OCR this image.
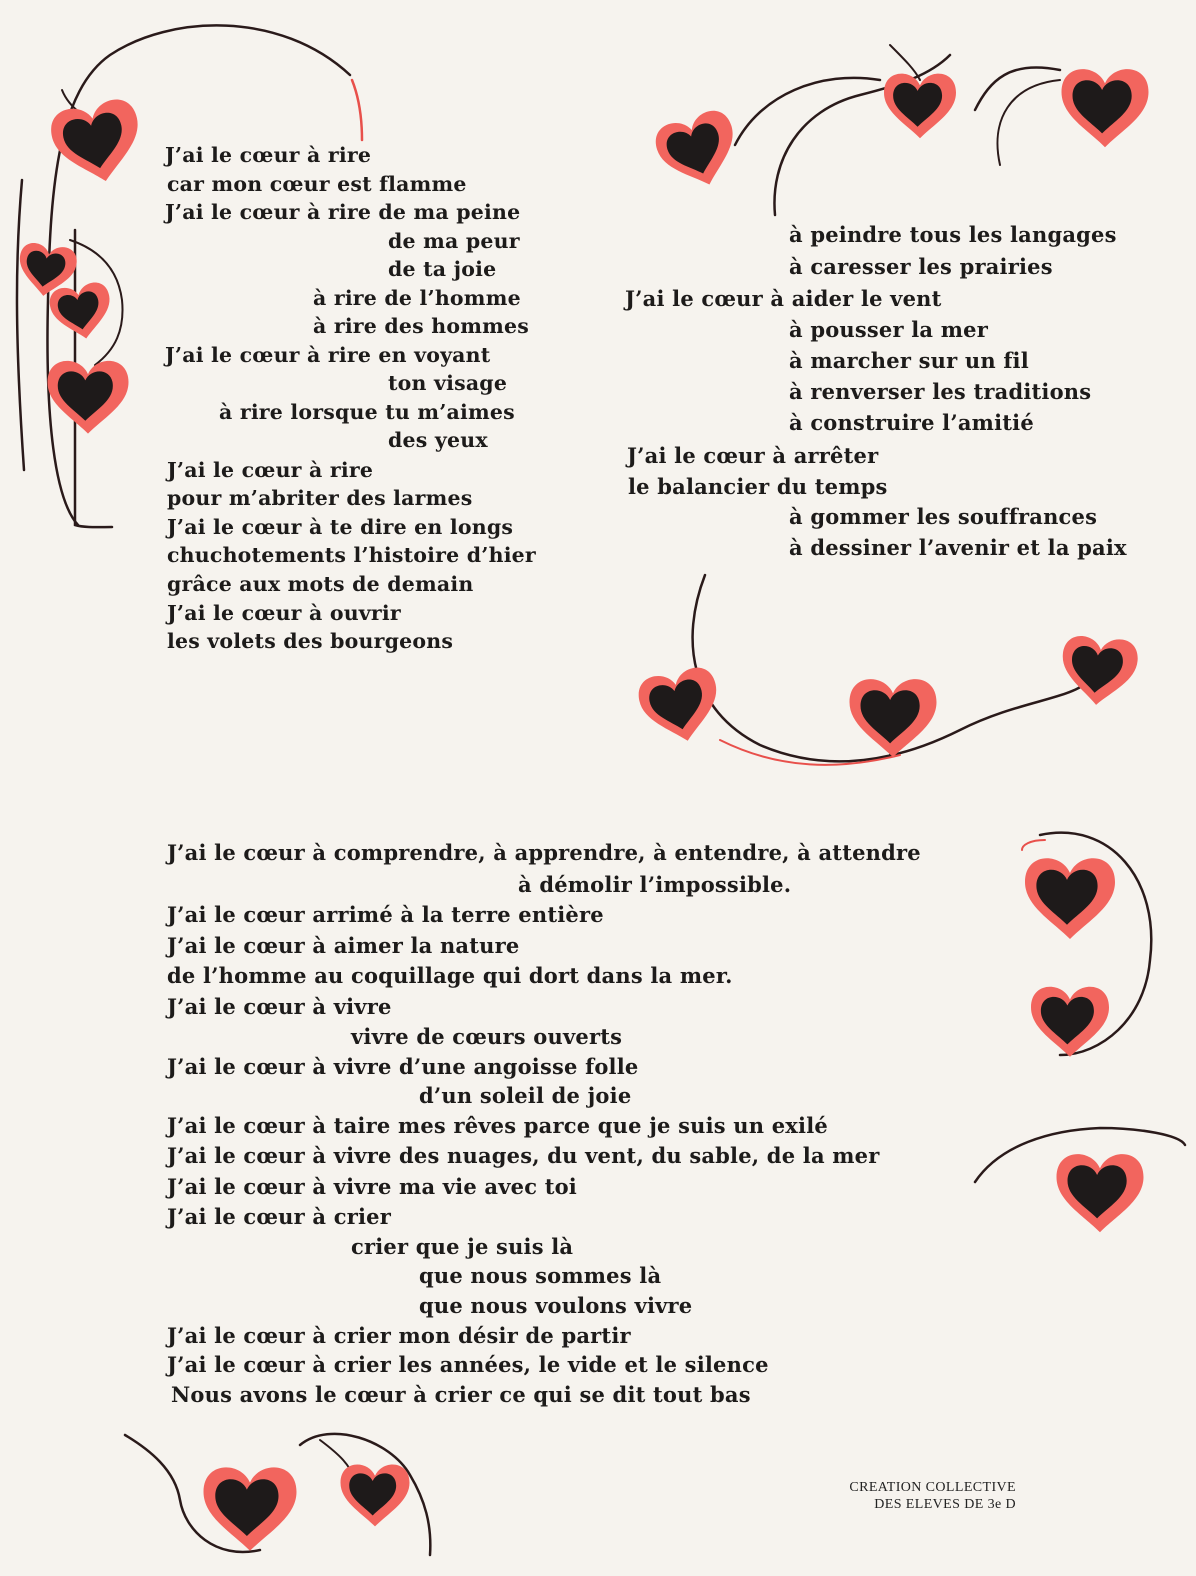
J’ai le cœur à rire
car mon cœur est flamme
J’ai le cœur à rire de ma peine
de ma peur
de ta joie
à rire de l’homme
à rire des hommes
J’ai le cœur à rire en voyant
ton visage
à rire lorsque tu m’aimes
des yeux
J’ai le cœur à rire
pour m’abriter des larmes
J’ai le cœur à te dire en longs
chuchotements l’histoire d’hier
grâce aux mots de demain
J’ai le cœur à ouvrir
les volets des bourgeons
à peindre tous les langages
à caresser les prairies
J’ai le cœur à aider le vent
à pousser la mer
à marcher sur un fil
à renverser les traditions
à construire l’amitié
J’ai le cœur à arrêter
le balancier du temps
à gommer les souffrances
à dessiner l’avenir et la paix
J’ai le cœur à comprendre, à apprendre, à entendre, à attendre
à démolir l’impossible.
J’ai le cœur arrimé à la terre entière
J’ai le cœur à aimer la nature
de l’homme au coquillage qui dort dans la mer.
J’ai le cœur à vivre
vivre de cœurs ouverts
J’ai le cœur à vivre d’une angoisse folle
d’un soleil de joie
J’ai le cœur à taire mes rêves parce que je suis un exilé
J’ai le cœur à vivre des nuages, du vent, du sable, de la mer
J’ai le cœur à vivre ma vie avec toi
J’ai le cœur à crier
crier que je suis là
que nous sommes là
que nous voulons vivre
J’ai le cœur à crier mon désir de partir
J’ai le cœur à crier les années, le vide et le silence
Nous avons le cœur à crier ce qui se dit tout bas
CREATION COLLECTIVE
DES ELEVES DE 3e D
